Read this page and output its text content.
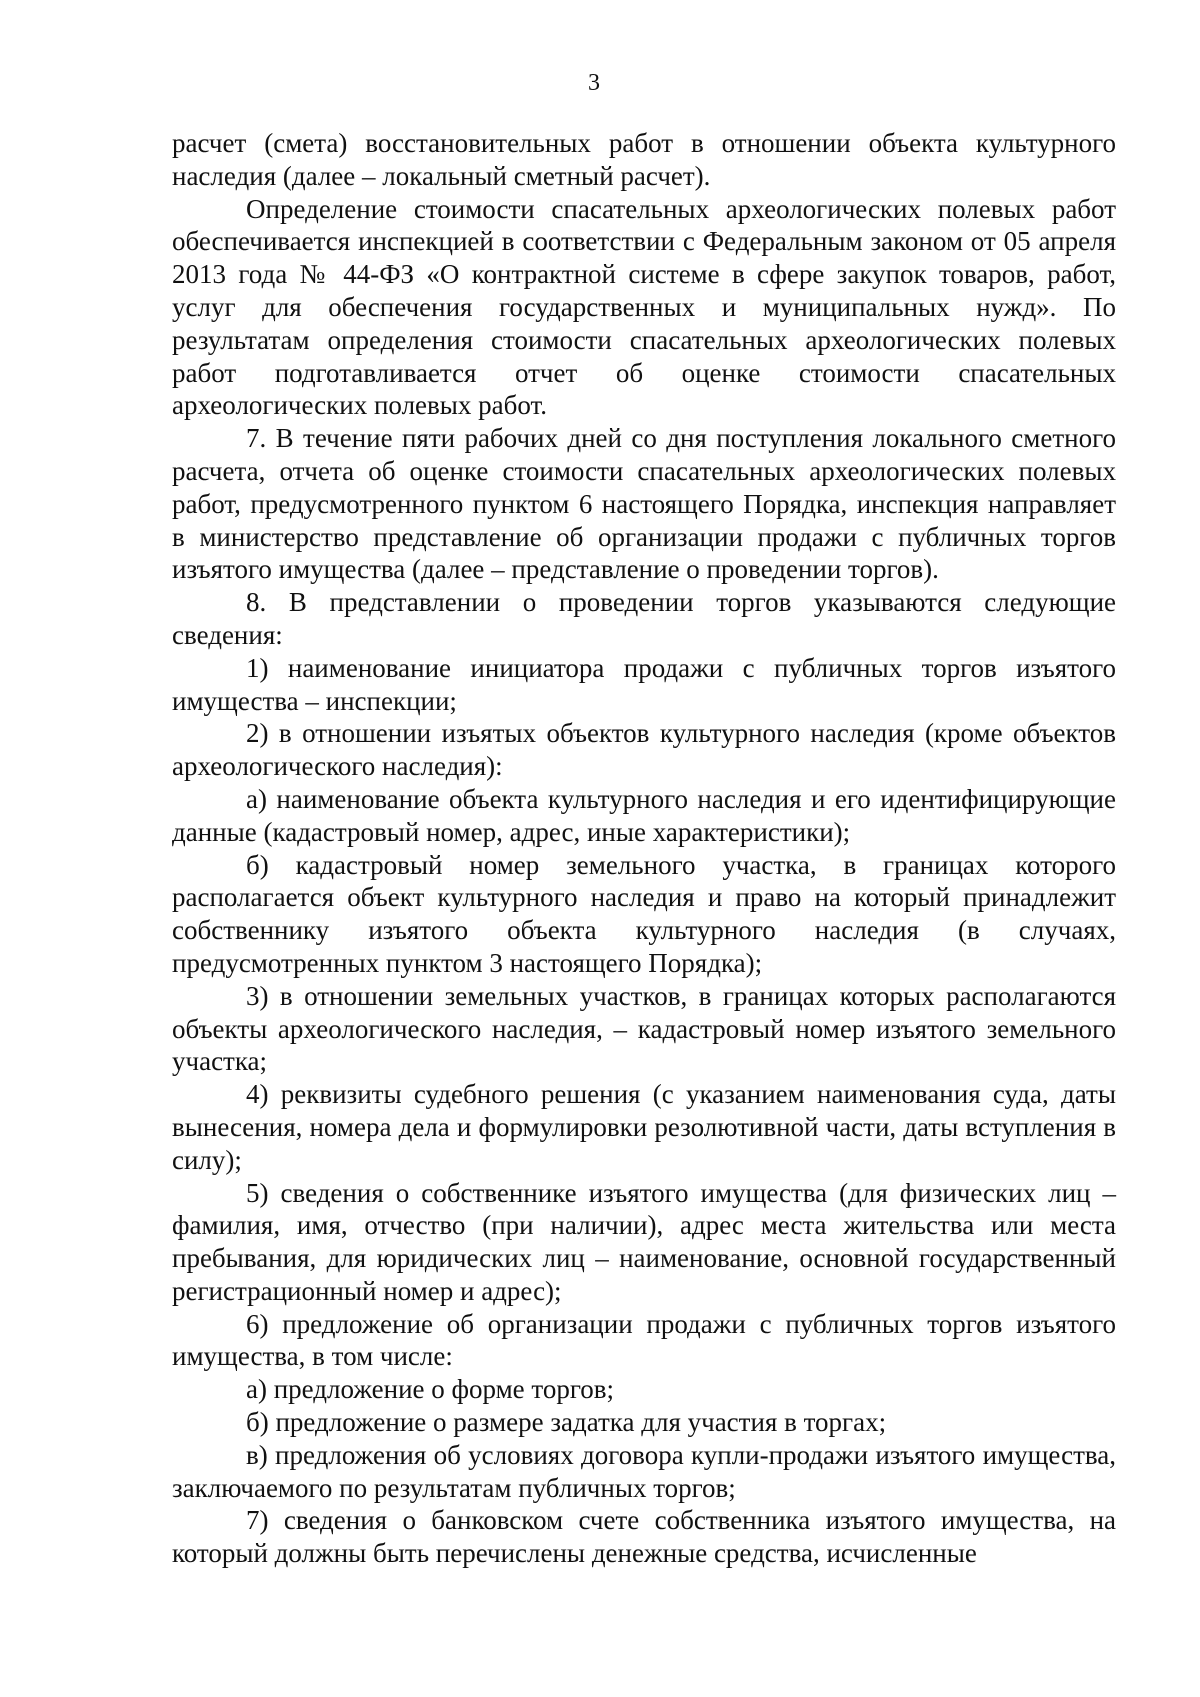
3

расчет (смета) восстановительных работ в отношении объекта культурного наследия (далее – локальный сметный расчет).

Определение стоимости спасательных археологических полевых работ обеспечивается инспекцией в соответствии с Федеральным законом от 05 апреля 2013 года № 44-ФЗ «О контрактной системе в сфере закупок товаров, работ, услуг для обеспечения государственных и муниципальных нужд». По результатам определения стоимости спасательных археологических полевых работ подготавливается отчет об оценке стоимости спасательных археологических полевых работ.

7. В течение пяти рабочих дней со дня поступления локального сметного расчета, отчета об оценке стоимости спасательных археологических полевых работ, предусмотренного пунктом 6 настоящего Порядка, инспекция направляет в министерство представление об организации продажи с публичных торгов изъятого имущества (далее – представление о проведении торгов).

8. В представлении о проведении торгов указываются следующие сведения:

1) наименование инициатора продажи с публичных торгов изъятого имущества – инспекции;

2) в отношении изъятых объектов культурного наследия (кроме объектов археологического наследия):

а) наименование объекта культурного наследия и его идентифицирующие данные (кадастровый номер, адрес, иные характеристики);

б) кадастровый номер земельного участка, в границах которого располагается объект культурного наследия и право на который принадлежит собственнику изъятого объекта культурного наследия (в случаях, предусмотренных пунктом 3 настоящего Порядка);

3) в отношении земельных участков, в границах которых располагаются объекты археологического наследия, – кадастровый номер изъятого земельного участка;

4) реквизиты судебного решения (с указанием наименования суда, даты вынесения, номера дела и формулировки резолютивной части, даты вступления в силу);

5) сведения о собственнике изъятого имущества (для физических лиц – фамилия, имя, отчество (при наличии), адрес места жительства или места пребывания, для юридических лиц – наименование, основной государственный регистрационный номер и адрес);

6) предложение об организации продажи с публичных торгов изъятого имущества, в том числе:

а) предложение о форме торгов;

б) предложение о размере задатка для участия в торгах;

в) предложения об условиях договора купли-продажи изъятого имущества, заключаемого по результатам публичных торгов;

7) сведения о банковском счете собственника изъятого имущества, на который должны быть перечислены денежные средства, исчисленные
